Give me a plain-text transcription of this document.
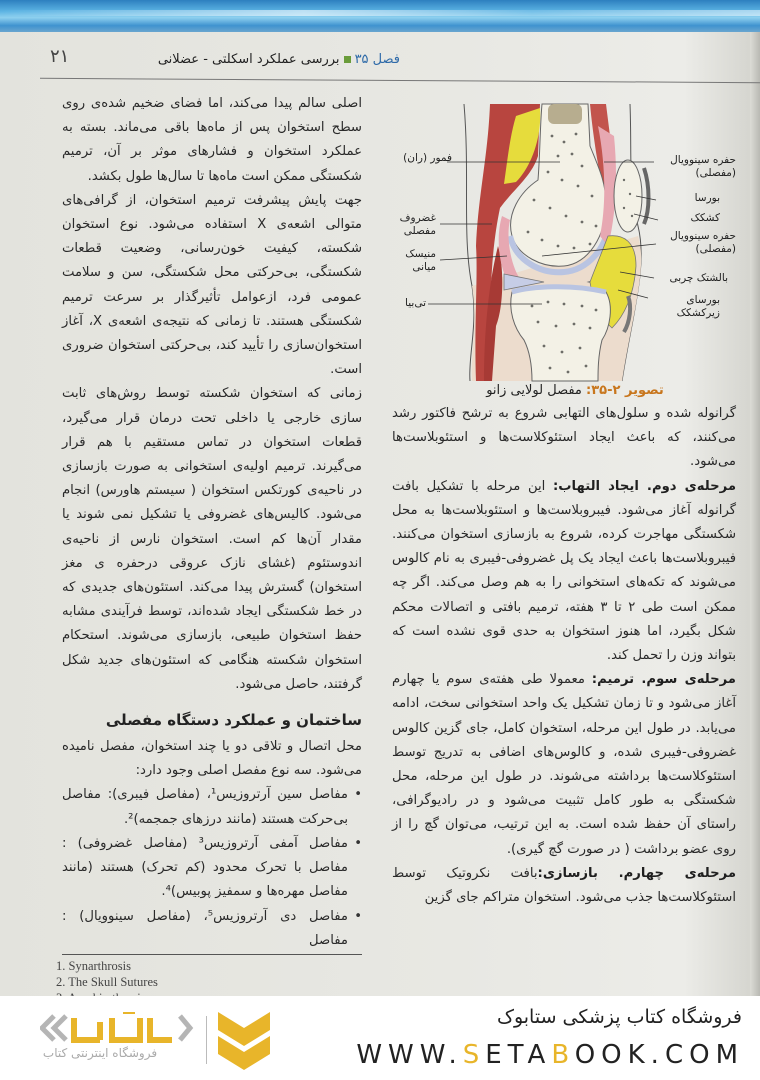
۲۱	فصل ۳۵بررسی عملکرد اسکلتی - عضلانی

اصلی سالم پیدا می‌کند، اما فضای ضخیم شده‌ی روی سطح استخوان پس از ماه‌ها باقی می‌ماند. بسته به عملکرد استخوان و فشارهای موثر بر آن، ترمیم شکستگی ممکن است ماه‌ها تا سال‌ها طول بکشد.

جهت پایش پیشرفت ترمیم استخوان، از گرافی‌های متوالی اشعه‌ی X استفاده می‌شود. نوع استخوان شکسته، کیفیت خون‌رسانی، وضعیت قطعات شکستگی، بی‌حرکتی محل شکستگی، سن و سلامت عمومی فرد، ازعوامل تأثیرگذار بر سرعت ترمیم شکستگی هستند. تا زمانی که نتیجه‌ی اشعه‌ی X، آغاز استخوان‌سازی را تأیید کند، بی‌حرکتی استخوان ضروری است.

زمانی که استخوان شکسته توسط روش‌های ثابت سازی خارجی یا داخلی تحت درمان قرار می‌گیرد، قطعات استخوان در تماس مستقیم با هم قرار می‌گیرند. ترمیم اولیه‌ی استخوانی به صورت بازسازی در ناحیه‌ی کورتکس استخوان ( سیستم هاورس) انجام می‌شود. کالیس‌های غضروفی یا تشکیل نمی شوند یا مقدار آن‌ها کم است. استخوان نارس از ناحیه‌ی اندوستئوم (غشای نازک عروقی درحفره ی مغز استخوان) گسترش پیدا می‌کند. استئون‌های جدیدی که در خط شکستگی ایجاد شده‌اند، توسط فرآیندی مشابه حفظ استخوان طبیعی، بازسازی می‌شوند. استحکام استخوان شکسته هنگامی که استئون‌های جدید شکل گرفتند، حاصل می‌شود.

ساختمان و عملکرد دستگاه مفصلی

محل اتصال و تلاقی دو یا چند استخوان، مفصل نامیده می‌شود. سه نوع مفصل اصلی وجود دارد:

• مفاصل سین آرتروزیس¹، (مفاصل فیبری): مفاصل بی‌حرکت هستند (مانند درزهای جمجمه)².
• مفاصل آمفی آرتروزیس³ (مفاصل غضروفی) : مفاصل با تحرک محدود (کم تحرک) هستند (مانند مفاصل مهره‌ها و سمفیز پوبیس)⁴.
• مفاصل دی آرتروزیس⁵، (مفاصل سینوویال) : مفاصل
1. Synarthrosis
2. The Skull Sutures
فمور (ران)
غضروف
مفصلی
منیسک
میانی
تی‌بیا
حفره سینوویال
(مفصلی)
بورسا
کشکک
حفره سینوویال
(مفصلی)
بالشتک چربی
بورسای
زیرکشکک
تصویر ۲-۳۵: مفصل لولایی زانو

گرانوله شده و سلول‌های التهابی شروع به ترشح فاکتور رشد می‌کنند، که باعث ایجاد استئوکلاست‌ها و استئوبلاست‌ها می‌شود.

مرحله‌ی دوم. ایجاد التهاب: این مرحله با تشکیل بافت گرانوله آغاز می‌شود. فیبروبلاست‌ها و استئوبلاست‌ها به محل شکستگی مهاجرت کرده، شروع به بازسازی استخوان می‌کنند. فیبروبلاست‌ها باعث ایجاد یک پل غضروفی-فیبری به نام کالوس می‌شوند که تکه‌های استخوانی را به هم وصل می‌کند. اگر چه ممکن است طی ۲ تا ۳ هفته، ترمیم بافتی و اتصالات محکم شکل بگیرد، اما هنوز استخوان به حدی قوی نشده است که بتواند وزن را تحمل کند.

مرحله‌ی سوم. ترمیم: معمولا طی هفته‌ی سوم یا چهارم آغاز می‌شود و تا زمان تشکیل یک واحد استخوانی سخت، ادامه می‌یابد. در طول این مرحله، استخوان کامل، جای گزین کالوس غضروفی-فیبری شده، و کالوس‌های اضافی به تدریج توسط استئوکلاست‌ها برداشته می‌شوند. در طول این مرحله، محل شکستگی به طور کامل تثبیت می‌شود و در رادیوگرافی، راستای آن حفظ شده است. به این ترتیب، می‌توان گچ را از روی عضو برداشت ( در صورت گچ گیری).

مرحله‌ی چهارم. بازسازی:بافت نکروتیک توسط استئوکلاست‌ها جذب می‌شود. استخوان متراکم جای گزین

فروشگاه کتاب پزشکی ستابوک
WWW.SETABOOK.COM
فروشگاه اینترنتی کتاب
